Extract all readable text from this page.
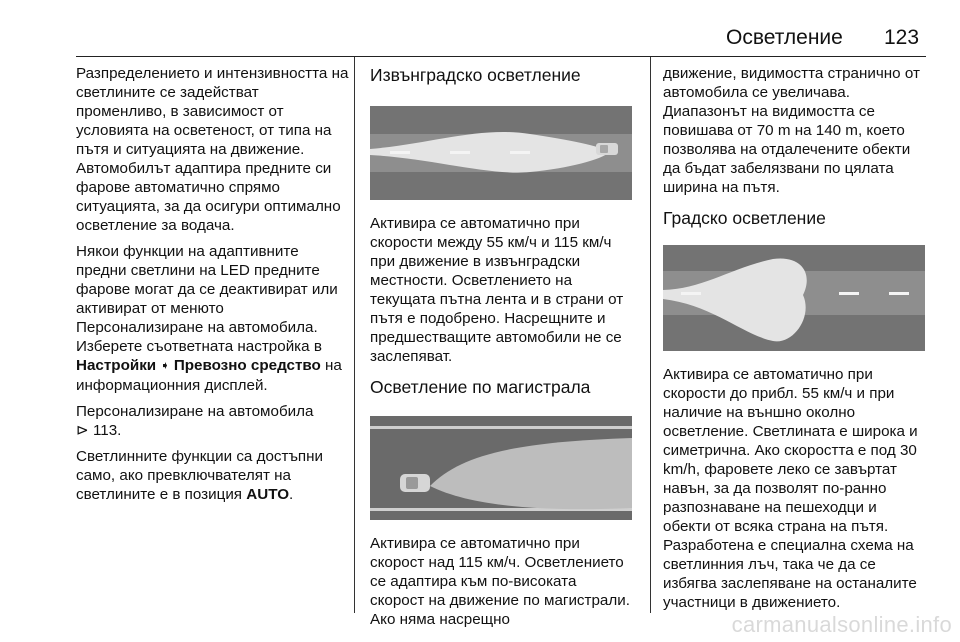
Осветление 123

Разпределението и интензивността на светлините се задействат променливо, в зависимост от условията на осветеност, от типа на пътя и ситуацията на движение. Автомобилът адаптира предните си фарове автоматично спрямо ситуацията, за да осигури оптимално осветление за водача.

Някои функции на адаптивните предни светлини на LED предните фарове могат да се деактивират или активират от менюто Персонализиране на автомобила. Изберете съответната настройка в Настройки ➧ Превозно средство на информационния дисплей.

Персонализиране на автомобила
⊳ 113.

Светлинните функции са достъпни само, ако превключвателят на светлините е в позиция AUTO.

Извънградско осветление

Активира се автоматично при скорости между 55 км/ч и 115 км/ч при движение в извънградски местности. Осветлението на текущата пътна лента и в страни от пътя е подобрено. Насрещните и предшестващите автомобили не се заслепяват.

Осветление по магистрала

Активира се автоматично при скорост над 115 км/ч. Осветлението се адаптира към по-високата скорост на движение по магистрали. Ако няма насрещно

движение, видимостта странично от автомобила се увеличава. Диапазонът на видимостта се повишава от 70 m на 140 m, което позволява на отдалечените обекти да бъдат забелязвани по цялата ширина на пътя.

Градско осветление

Активира се автоматично при скорости до прибл. 55 км/ч и при наличие на външно околно осветление. Светлината е широка и симетрична. Ако скоростта е под 30 km/h, фаровете леко се завъртат навън, за да позволят по-ранно разпознаване на пешеходци и обекти от всяка страна на пътя. Разработена е специална схема на светлинния лъч, така че да се избягва заслепяване на останалите участници в движението.

carmanualsonline.info
